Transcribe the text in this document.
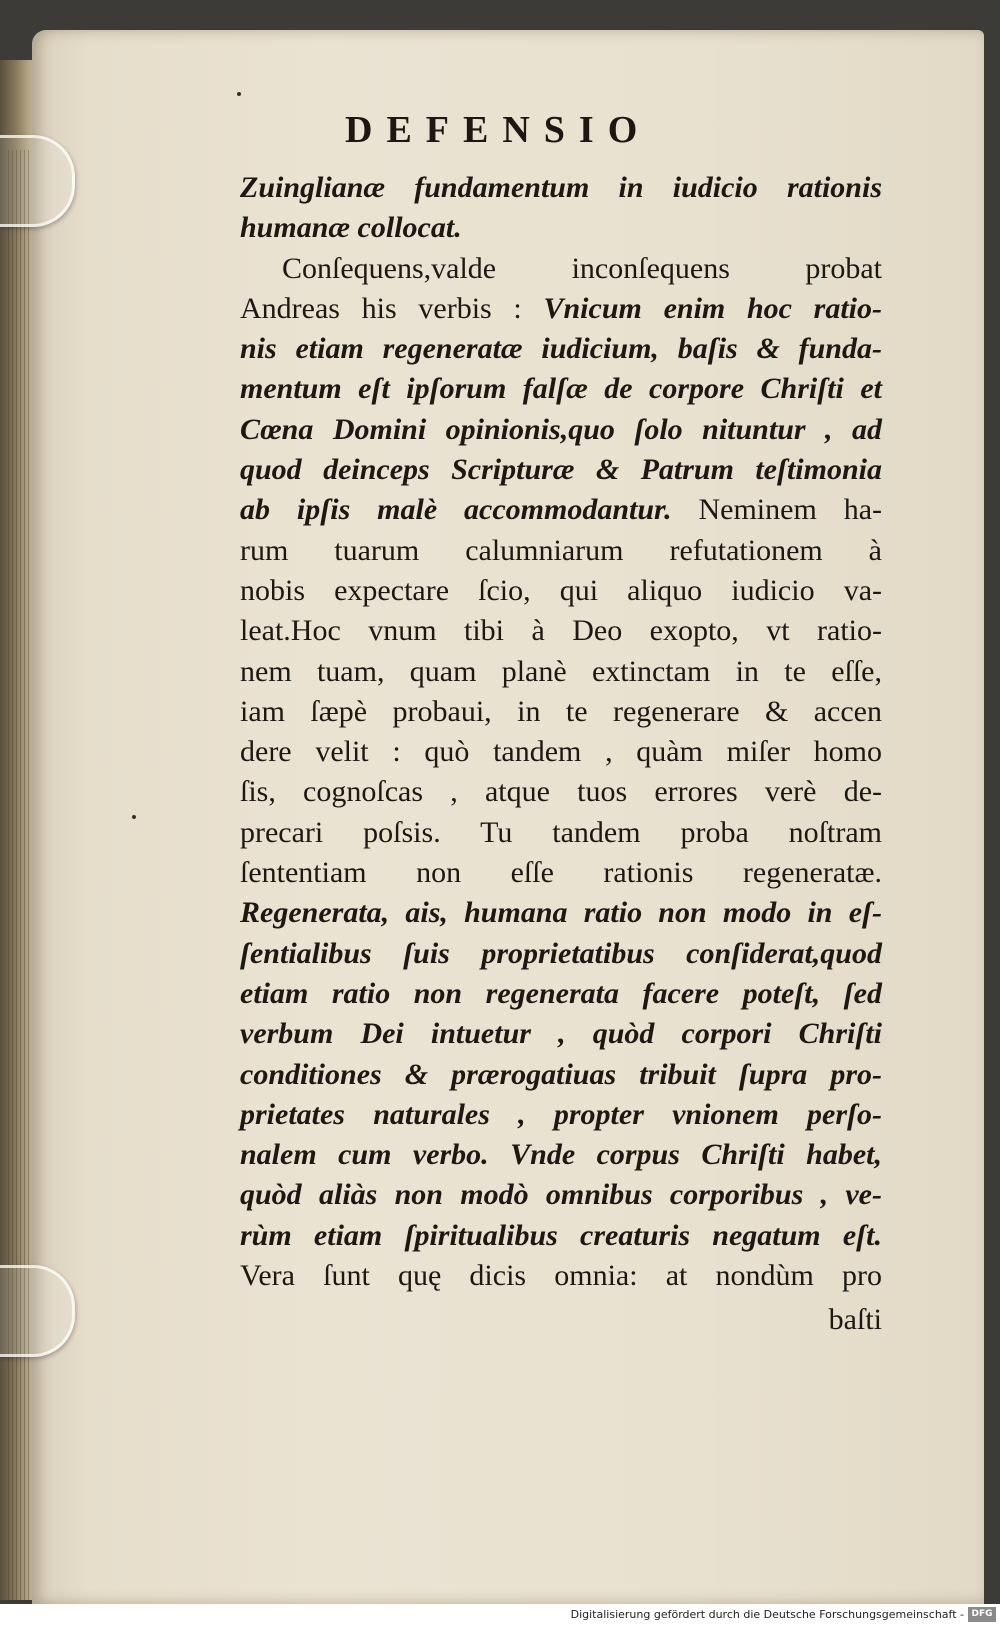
DEFENSIO
Zuinglianæ fundamentum in iudicio rationis
humanæ collocat.
Conſequens,valde inconſequens probat
Andreas his verbis : Vnicum enim hoc ratio-
nis etiam regeneratæ iudicium, baſis & funda-
mentum eſt ipſorum falſæ de corpore Chriſti et
Cœna Domini opinionis,quo ſolo nituntur , ad
quod deinceps Scripturæ & Patrum teſtimonia
ab ipſis malè accommodantur. Neminem ha-
rum tuarum calumniarum refutationem à
nobis expectare ſcio, qui aliquo iudicio va-
leat.Hoc vnum tibi à Deo exopto, vt ratio-
nem tuam, quam planè extinctam in te eſſe,
iam ſæpè probaui, in te regenerare & accen
dere velit : quò tandem , quàm miſer homo
ſis, cognoſcas , atque tuos errores verè de-
precari poſsis. Tu tandem proba noſtram
ſententiam non eſſe rationis regeneratæ.
Regenerata, ais, humana ratio non modo in eſ-
ſentialibus ſuis proprietatibus conſiderat,quod
etiam ratio non regenerata facere poteſt, ſed
verbum Dei intuetur , quòd corpori Chriſti
conditiones & prærogatiuas tribuit ſupra pro-
prietates naturales , propter vnionem perſo-
nalem cum verbo. Vnde corpus Chriſti habet,
quòd aliàs non modò omnibus corporibus , ve-
rùm etiam ſpiritualibus creaturis negatum eſt.
Vera ſunt quę dicis omnia: at nondùm pro
baſti
Digitalisierung gefördert durch die Deutsche Forschungsgemeinschaft - DFG
